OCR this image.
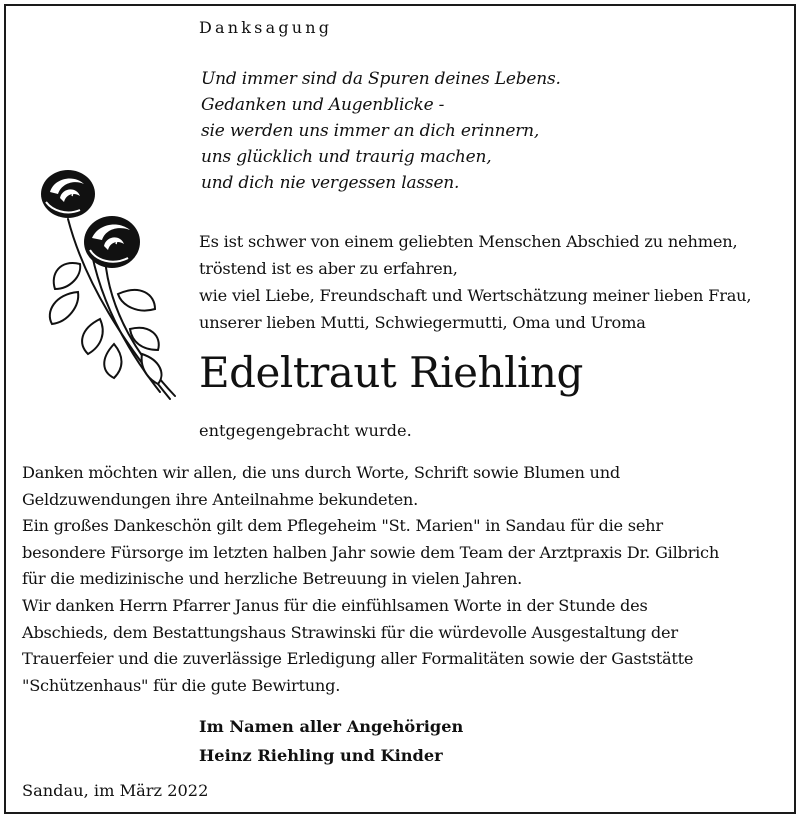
Danksagung
Und immer sind da Spuren deines Lebens.
Gedanken und Augenblicke -
sie werden uns immer an dich erinnern,
uns glücklich und traurig machen,
und dich nie vergessen lassen.
Es ist schwer von einem geliebten Menschen Abschied zu nehmen,
tröstend ist es aber zu erfahren,
wie viel Liebe, Freundschaft und Wertschätzung meiner lieben Frau,
unserer lieben Mutti, Schwiegermutti, Oma und Uroma
Edeltraut Riehling
entgegengebracht wurde.
Danken möchten wir allen, die uns durch Worte, Schrift sowie Blumen und
Geldzuwendungen ihre Anteilnahme bekundeten.
Ein großes Dankeschön gilt dem Pflegeheim "St. Marien" in Sandau für die sehr
besondere Fürsorge im letzten halben Jahr sowie dem Team der Arztpraxis Dr. Gilbrich
für die medizinische und herzliche Betreuung in vielen Jahren.
Wir danken Herrn Pfarrer Janus für die einfühlsamen Worte in der Stunde des
Abschieds, dem Bestattungshaus Strawinski für die würdevolle Ausgestaltung der
Trauerfeier und die zuverlässige Erledigung aller Formalitäten sowie der Gaststätte
"Schützenhaus" für die gute Bewirtung.
Im Namen aller Angehörigen
Heinz Riehling und Kinder
Sandau, im März 2022
